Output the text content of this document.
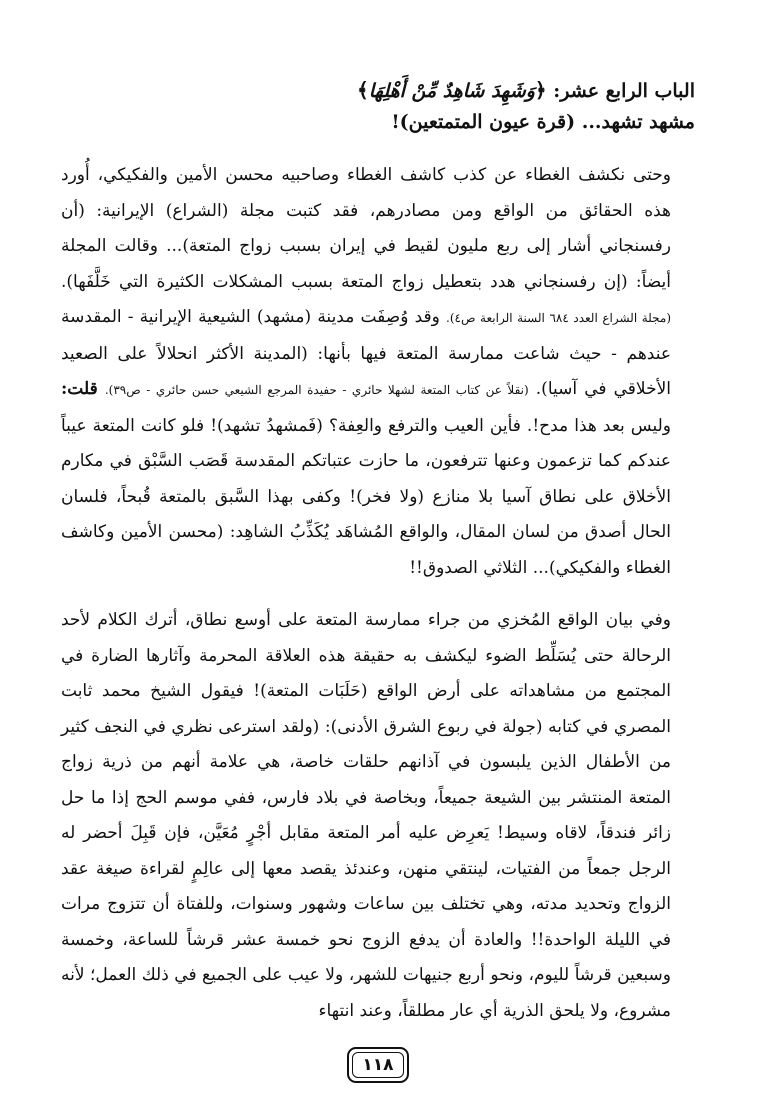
الباب الرابع عشر: ﴿وَشَهِدَ شَاهِدٌ مِّنْ أَهْلِهَا﴾
مشهد تشهد... (قرة عيون المتمتعين)!

وحتى نكشف الغطاء عن كذب كاشف الغطاء وصاحبيه محسن الأمين والفكيكي، أُورد هذه الحقائق من الواقع ومن مصادرهم، فقد كتبت مجلة (الشراع) الإيرانية: (أن رفسنجاني أشار إلى ربع مليون لقيط في إيران بسبب زواج المتعة)... وقالت المجلة أيضاً: (إن رفسنجاني هدد بتعطيل زواج المتعة بسبب المشكلات الكثيرة التي خَلَّفَها). (مجلة الشراع العدد ٦٨٤ السنة الرابعة ص٤). وقد وُصِفَت مدينة (مشهد) الشيعية الإيرانية - المقدسة عندهم - حيث شاعت ممارسة المتعة فيها بأنها: (المدينة الأكثر انحلالاً على الصعيد الأخلاقي في آسيا). (نقلاً عن كتاب المتعة لشهلا حائري - حفيدة المرجع الشيعي حسن حائري - ص٣٩). قلت: وليس بعد هذا مدح!. فأين العيب والترفع والعِفة؟ (فَمشهدُ تشهد)! فلو كانت المتعة عيباً عندكم كما تزعمون وعنها تترفعون، ما حازت عتباتكم المقدسة قَصَب السَّبْق في مكارم الأخلاق على نطاق آسيا بلا منازع (ولا فخر)! وكفى بهذا السَّبق بالمتعة قُبحاً، فلسان الحال أصدق من لسان المقال، والواقع المُشاهَد يُكَذِّبُ الشاهِد: (محسن الأمين وكاشف الغطاء والفكيكي)... الثلاثي الصدوق!!

وفي بيان الواقع المُخزي من جراء ممارسة المتعة على أوسع نطاق، أترك الكلام لأحد الرحالة حتى يُسَلِّط الضوء ليكشف به حقيقة هذه العلاقة المحرمة وآثارها الضارة في المجتمع من مشاهداته على أرض الواقع (حَلَبَات المتعة)! فيقول الشيخ محمد ثابت المصري في كتابه (جولة في ربوع الشرق الأدنى): (ولقد استرعى نظري في النجف كثير من الأطفال الذين يلبسون في آذانهم حلقات خاصة، هي علامة أنهم من ذرية زواج المتعة المنتشر بين الشيعة جميعاً، وبخاصة في بلاد فارس، ففي موسم الحج إذا ما حل زائر فندقاً، لاقاه وسيط! يَعرِض عليه أمر المتعة مقابل أجْرٍ مُعَيَّن، فإن قَبِلَ أحضر له الرجل جمعاً من الفتيات، لينتقي منهن، وعندئذ يقصد معها إلى عالِمٍ لقراءة صيغة عقد الزواج وتحديد مدته، وهي تختلف بين ساعات وشهور وسنوات، وللفتاة أن تتزوج مرات في الليلة الواحدة!! والعادة أن يدفع الزوج نحو خمسة عشر قرشاً للساعة، وخمسة وسبعين قرشاً لليوم، ونحو أربع جنيهات للشهر، ولا عيب على الجميع في ذلك العمل؛ لأنه مشروع، ولا يلحق الذرية أي عار مطلقاً، وعند انتهاء

١١٨
